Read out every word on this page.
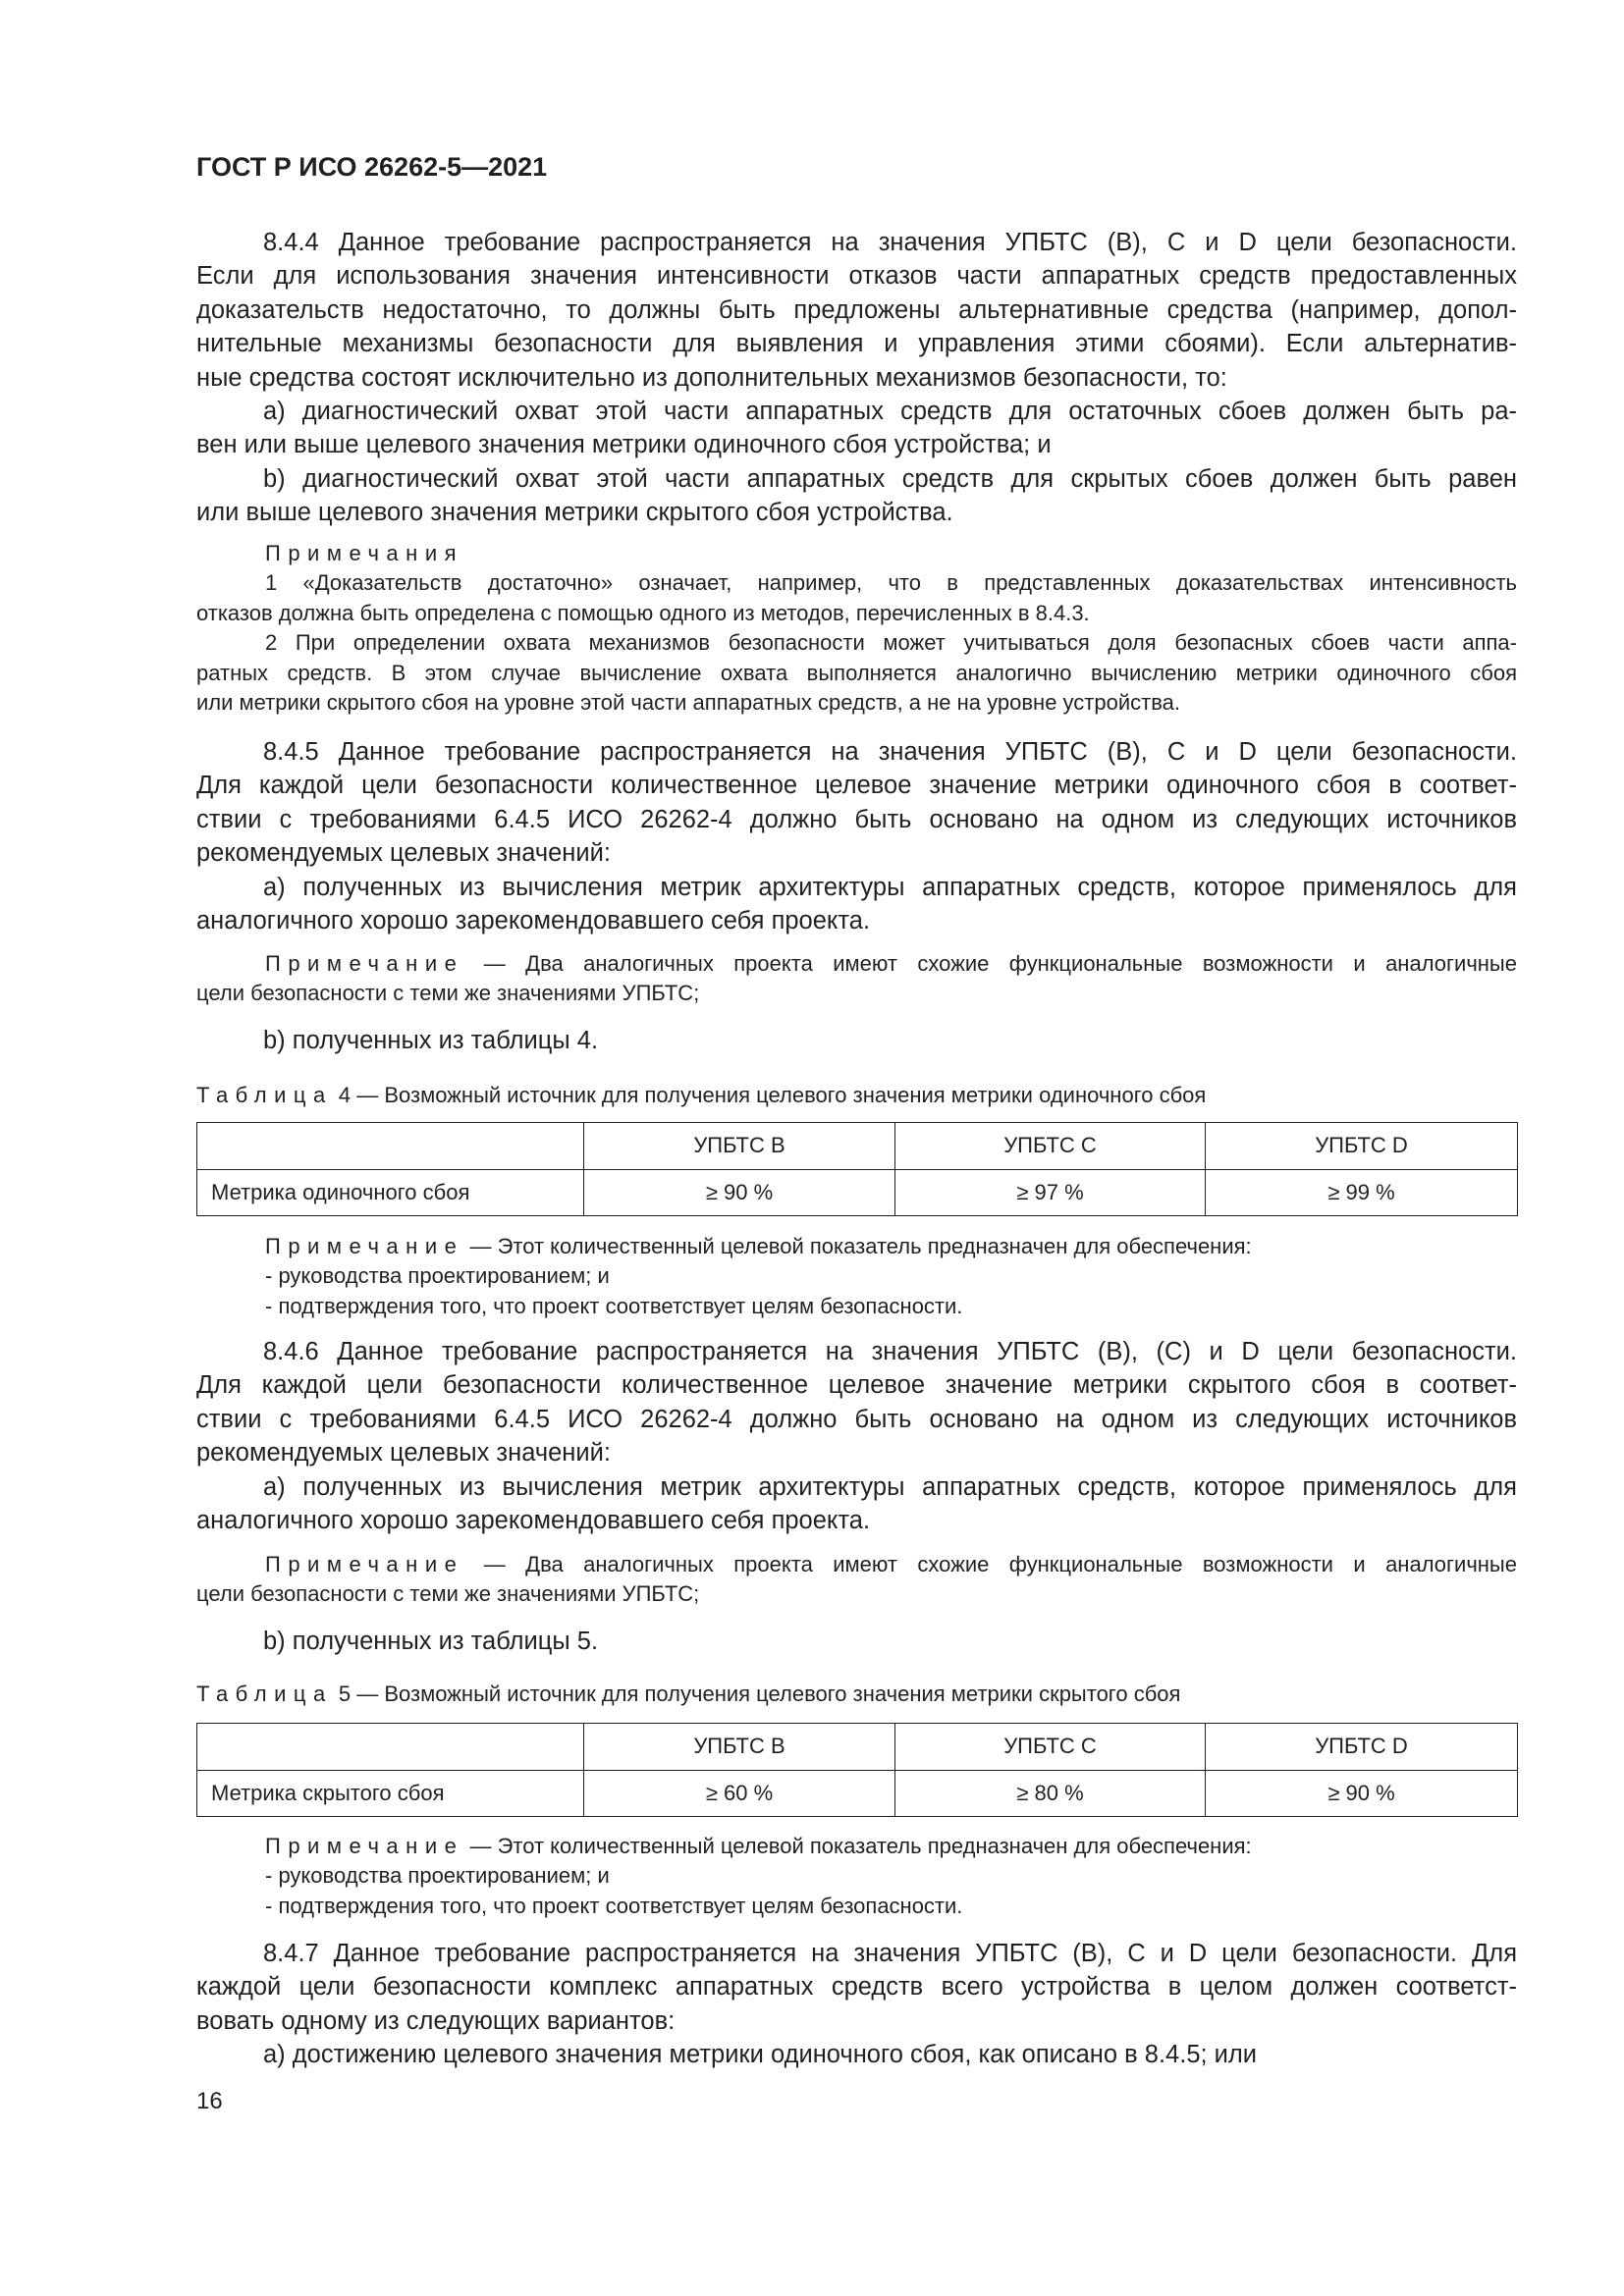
ГОСТ Р ИСО 26262-5—2021
8.4.4 Данное требование распространяется на значения УПБТС (В), С и D цели безопасности.
Если для использования значения интенсивности отказов части аппаратных средств предоставленных
доказательств недостаточно, то должны быть предложены альтернативные средства (например, допол-
нительные механизмы безопасности для выявления и управления этими сбоями). Если альтернатив-
ные средства состоят исключительно из дополнительных механизмов безопасности, то:
а) диагностический охват этой части аппаратных средств для остаточных сбоев должен быть ра-
вен или выше целевого значения метрики одиночного сбоя устройства; и
b) диагностический охват этой части аппаратных средств для скрытых сбоев должен быть равен
или выше целевого значения метрики скрытого сбоя устройства.
Примечания
1 «Доказательств достаточно» означает, например, что в представленных доказательствах интенсивность
отказов должна быть определена с помощью одного из методов, перечисленных в 8.4.3.
2 При определении охвата механизмов безопасности может учитываться доля безопасных сбоев части аппа-
ратных средств. В этом случае вычисление охвата выполняется аналогично вычислению метрики одиночного сбоя
или метрики скрытого сбоя на уровне этой части аппаратных средств, а не на уровне устройства.
8.4.5 Данное требование распространяется на значения УПБТС (В), С и D цели безопасности.
Для каждой цели безопасности количественное целевое значение метрики одиночного сбоя в соответ-
ствии с требованиями 6.4.5 ИСО 26262-4 должно быть основано на одном из следующих источников
рекомендуемых целевых значений:
а) полученных из вычисления метрик архитектуры аппаратных средств, которое применялось для
аналогичного хорошо зарекомендовавшего себя проекта.
Примечание — Два аналогичных проекта имеют схожие функциональные возможности и аналогичные
цели безопасности с теми же значениями УПБТС;
b) полученных из таблицы 4.
Таблица 4 — Возможный источник для получения целевого значения метрики одиночного сбоя
	УПБТС В	УПБТС С	УПБТС D
Метрика одиночного сбоя	≥ 90 %	≥ 97 %	≥ 99 %
Примечание — Этот количественный целевой показатель предназначен для обеспечения:
- руководства проектированием; и
- подтверждения того, что проект соответствует целям безопасности.
8.4.6 Данное требование распространяется на значения УПБТС (В), (С) и D цели безопасности.
Для каждой цели безопасности количественное целевое значение метрики скрытого сбоя в соответ-
ствии с требованиями 6.4.5 ИСО 26262-4 должно быть основано на одном из следующих источников
рекомендуемых целевых значений:
а) полученных из вычисления метрик архитектуры аппаратных средств, которое применялось для
аналогичного хорошо зарекомендовавшего себя проекта.
Примечание — Два аналогичных проекта имеют схожие функциональные возможности и аналогичные
цели безопасности с теми же значениями УПБТС;
b) полученных из таблицы 5.
Таблица 5 — Возможный источник для получения целевого значения метрики скрытого сбоя
	УПБТС В	УПБТС С	УПБТС D
Метрика скрытого сбоя	≥ 60 %	≥ 80 %	≥ 90 %
Примечание — Этот количественный целевой показатель предназначен для обеспечения:
- руководства проектированием; и
- подтверждения того, что проект соответствует целям безопасности.
8.4.7 Данное требование распространяется на значения УПБТС (В), С и D цели безопасности. Для
каждой цели безопасности комплекс аппаратных средств всего устройства в целом должен соответст-
вовать одному из следующих вариантов:
а) достижению целевого значения метрики одиночного сбоя, как описано в 8.4.5; или
16
